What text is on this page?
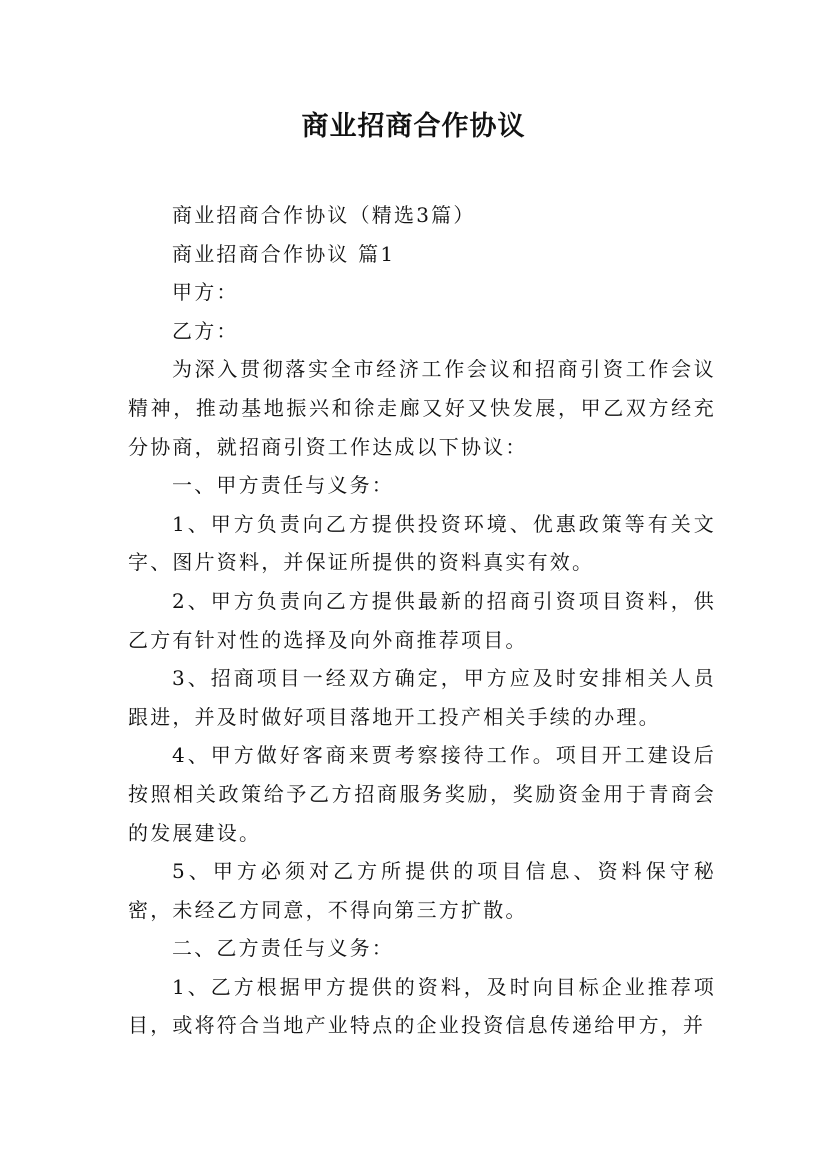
商业招商合作协议

商业招商合作协议（精选3篇）

商业招商合作协议 篇1

甲方：

乙方：

为深入贯彻落实全市经济工作会议和招商引资工作会议精神，推动基地振兴和徐走廊又好又快发展，甲乙双方经充分协商，就招商引资工作达成以下协议：

一、甲方责任与义务：

1、甲方负责向乙方提供投资环境、优惠政策等有关文字、图片资料，并保证所提供的资料真实有效。

2、甲方负责向乙方提供最新的招商引资项目资料，供乙方有针对性的选择及向外商推荐项目。

3、招商项目一经双方确定，甲方应及时安排相关人员跟进，并及时做好项目落地开工投产相关手续的办理。

4、甲方做好客商来贾考察接待工作。项目开工建设后按照相关政策给予乙方招商服务奖励，奖励资金用于青商会的发展建设。

5、甲方必须对乙方所提供的项目信息、资料保守秘密，未经乙方同意，不得向第三方扩散。

二、乙方责任与义务：

1、乙方根据甲方提供的资料，及时向目标企业推荐项目，或将符合当地产业特点的企业投资信息传递给甲方，并
